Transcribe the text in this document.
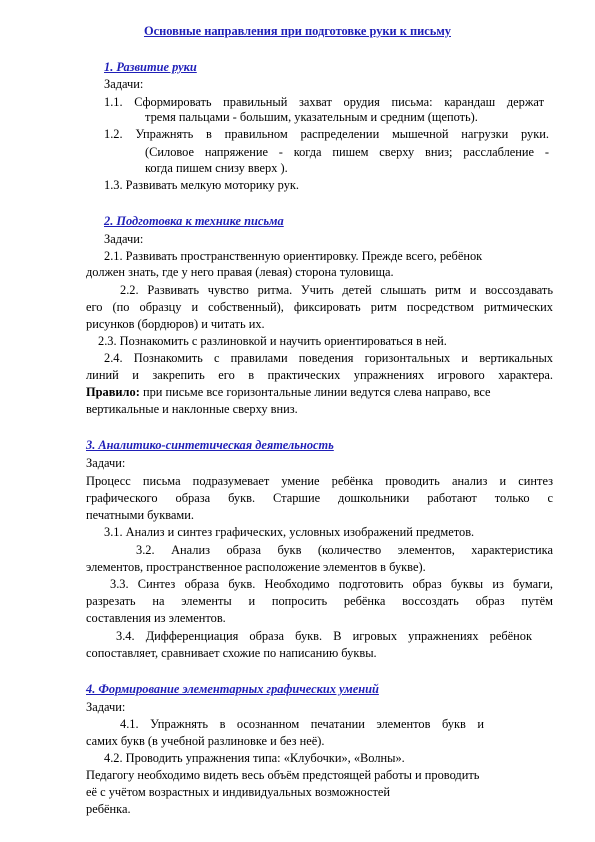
Основные направления при подготовке руки к письму
1. Развитие руки
Задачи:
1.1. Сформировать правильный захват орудия письма: карандаш держат
тремя пальцами - большим, указательным и средним (щепоть).
1.2. Упражнять в правильном распределении мышечной нагрузки руки.
(Силовое напряжение - когда пишем сверху вниз; расслабление -
когда пишем снизу вверх ).
1.3. Развивать мелкую моторику рук.
2. Подготовка к технике письма
Задачи:
2.1. Развивать пространственную ориентировку. Прежде всего, ребёнок
должен знать, где у него правая (левая) сторона туловища.
2.2. Развивать чувство ритма. Учить детей слышать ритм и воссоздавать
его (по образцу и собственный), фиксировать ритм посредством ритмических
рисунков (бордюров) и читать их.
2.3. Познакомить с разлиновкой и научить ориентироваться в ней.
2.4. Познакомить с правилами поведения горизонтальных и вертикальных
линий и закрепить его в практических упражнениях игрового характера.
Правило: при письме все горизонтальные линии ведутся слева направо, все
вертикальные и наклонные сверху вниз.
3. Аналитико-синтетическая деятельность
Задачи:
Процесс письма подразумевает умение ребёнка проводить анализ и синтез
графического образа букв. Старшие дошкольники работают только с
печатными буквами.
3.1. Анализ и синтез графических, условных изображений предметов.
3.2. Анализ образа букв (количество элементов, характеристика
элементов, пространственное расположение элементов в букве).
3.3. Синтез образа букв. Необходимо подготовить образ буквы из бумаги,
разрезать на элементы и попросить ребёнка воссоздать образ путём
составления из элементов.
3.4. Дифференциация образа букв. В игровых упражнениях ребёнок
сопоставляет, сравнивает схожие по написанию буквы.
4. Формирование элементарных графических умений
Задачи:
4.1. Упражнять в осознанном печатании элементов букв и
самих букв (в учебной разлиновке и без неё).
4.2. Проводить упражнения типа: «Клубочки», «Волны».
Педагогу необходимо видеть весь объём предстоящей работы и проводить
её с учётом возрастных и индивидуальных возможностей
ребёнка.
